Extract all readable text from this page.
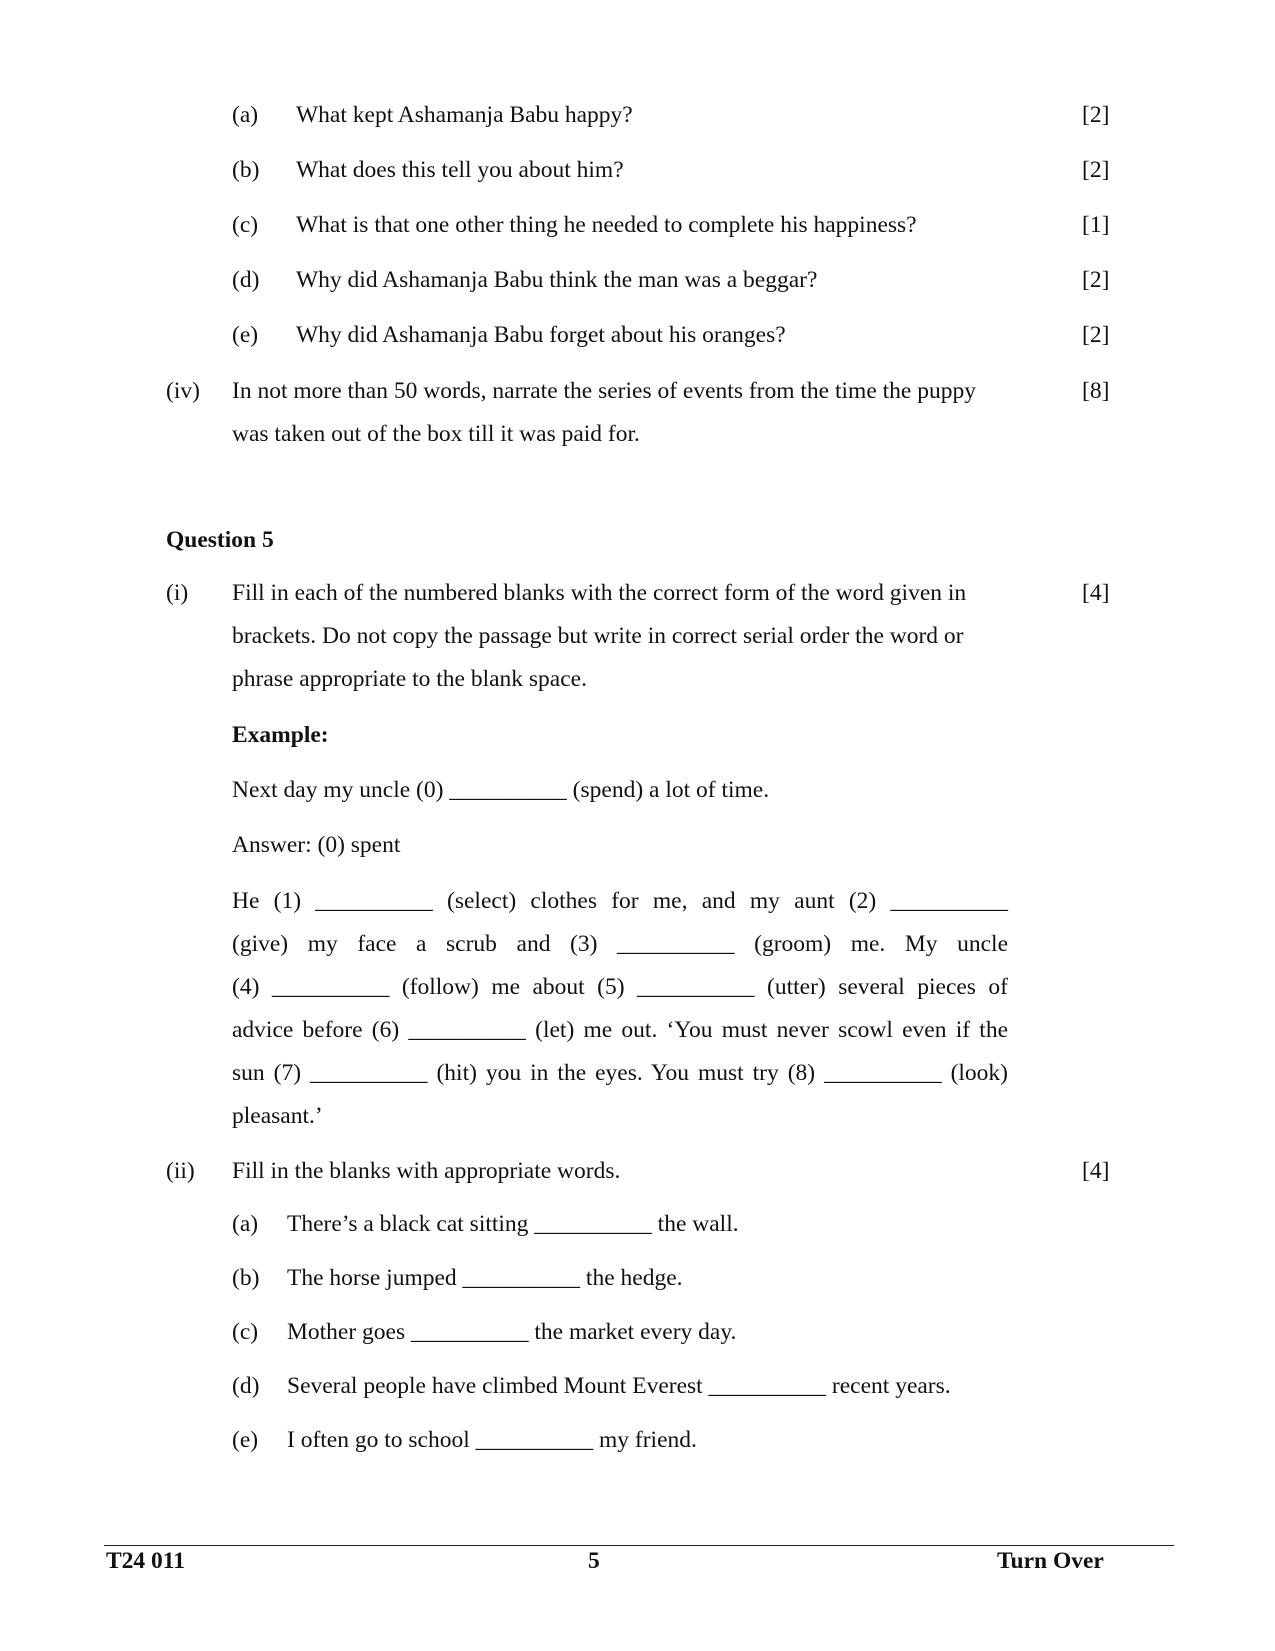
(a) What kept Ashamanja Babu happy?	[2]
(b) What does this tell you about him?	[2]
(c) What is that one other thing he needed to complete his happiness?	[1]
(d) Why did Ashamanja Babu think the man was a beggar?	[2]
(e) Why did Ashamanja Babu forget about his oranges?	[2]
(iv) In not more than 50 words, narrate the series of events from the time the puppy	[8]
was taken out of the box till it was paid for.
Question 5
(i) Fill in each of the numbered blanks with the correct form of the word given in	[4]
brackets. Do not copy the passage but write in correct serial order the word or
phrase appropriate to the blank space.
Example:
Next day my uncle (0) __________ (spend) a lot of time.
Answer: (0) spent
He (1) __________ (select) clothes for me, and my aunt (2) __________
(give) my face a scrub and (3) __________ (groom) me. My uncle
(4) __________ (follow) me about (5) __________ (utter) several pieces of
advice before (6) __________ (let) me out. ‘You must never scowl even if the
sun (7) __________ (hit) you in the eyes. You must try (8) __________ (look)
pleasant.’
(ii) Fill in the blanks with appropriate words.	[4]
(a) There’s a black cat sitting __________ the wall.
(b) The horse jumped __________ the hedge.
(c) Mother goes __________ the market every day.
(d) Several people have climbed Mount Everest __________ recent years.
(e) I often go to school __________ my friend.
T24 011	5	Turn Over
